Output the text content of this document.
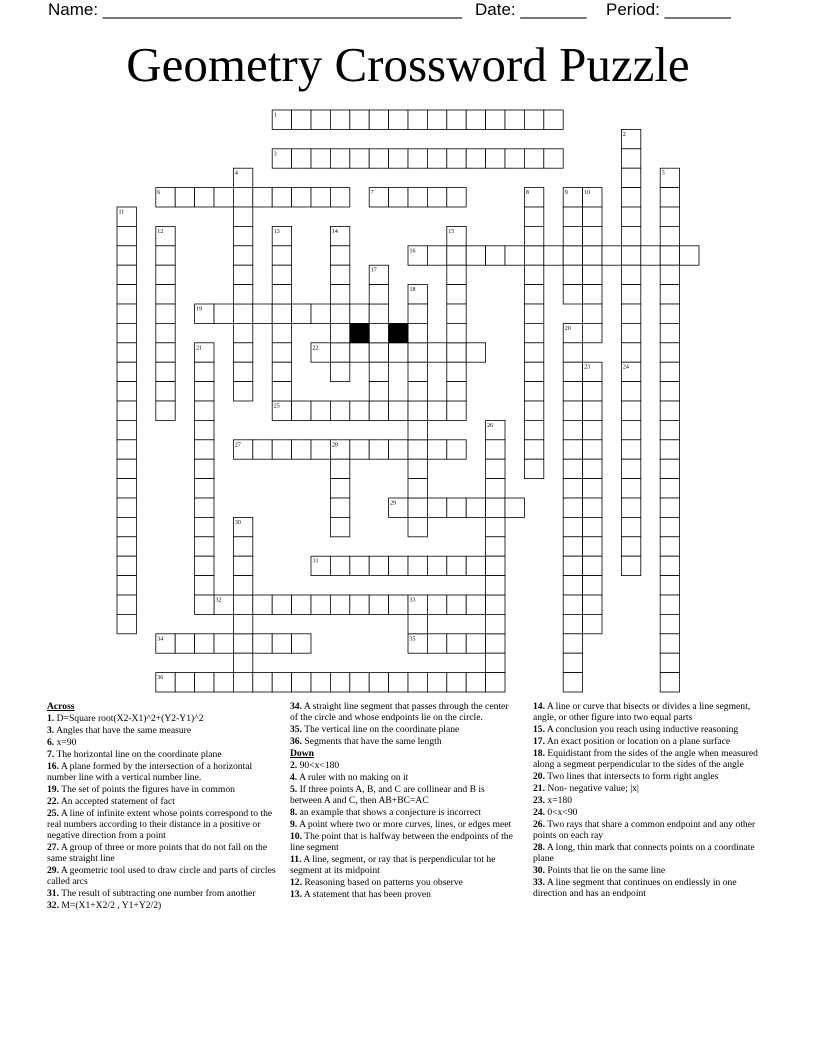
Name: ______________________________________ Date: _______ Period: _______
Geometry Crossword Puzzle
1
3
6	7
16
19
22
25
27
29
31
32
34	35
36
2
4	5
8	9	10
11
12	13	14	15
17
18
20
21
23	24
26
28
30
33
Across
1. D=Square root(X2-X1)^2+(Y2-Y1)^2
3. Angles that have the same measure
6. x=90
7. The horizontal line on the coordinate plane
16. A plane formed by the intersection of a horizontal number line with a vertical number line.
19. The set of points the figures have in common
22. An accepted statement of fact
25. A line of infinite extent whose points correspond to the real numbers according to their distance in a positive or negative direction from a point
27. A group of three or more points that do not fall on the same straight line
29. A geometric tool used to draw circle and parts of circles called arcs
31. The result of subtracting one number from another
32. M=(X1+X2/2 , Y1+Y2/2)
34. A straight line segment that passes through the center of the circle and whose endpoints lie on the circle.
35. The vertical line on the coordinate plane
36. Segments that have the same length
Down
2. 90<x<180
4. A ruler with no making on it
5. If three points A, B, and C are collinear and B is between A and C, then AB+BC=AC
8. an example that shows a conjecture is incorrect
9. A point where two or more curves, lines, or edges meet
10. The point that is halfway between the endpoints of the line segment
11. A line, segment, or ray that is perpendicular tot he segment at its midpoint
12. Reasoning based on patterns you observe
13. A statement that has been proven
14. A line or curve that bisects or divides a line segment, angle, or other figure into two equal parts
15. A conclusion you reach using inductive reasoning
17. An exact position or location on a plane surface
18. Equidistant from the sides of the angle when measured along a segment perpendicular to the sides of the angle
20. Two lines that intersects to form right angles
21. Non- negative value; |x|
23. x=180
24. 0<x<90
26. Two rays that share a common endpoint and any other points on each ray
28. A long, thin mark that connects points on a coordinate plane
30. Points that lie on the same line
33. A line segment that continues on endlessly in one direction and has an endpoint
